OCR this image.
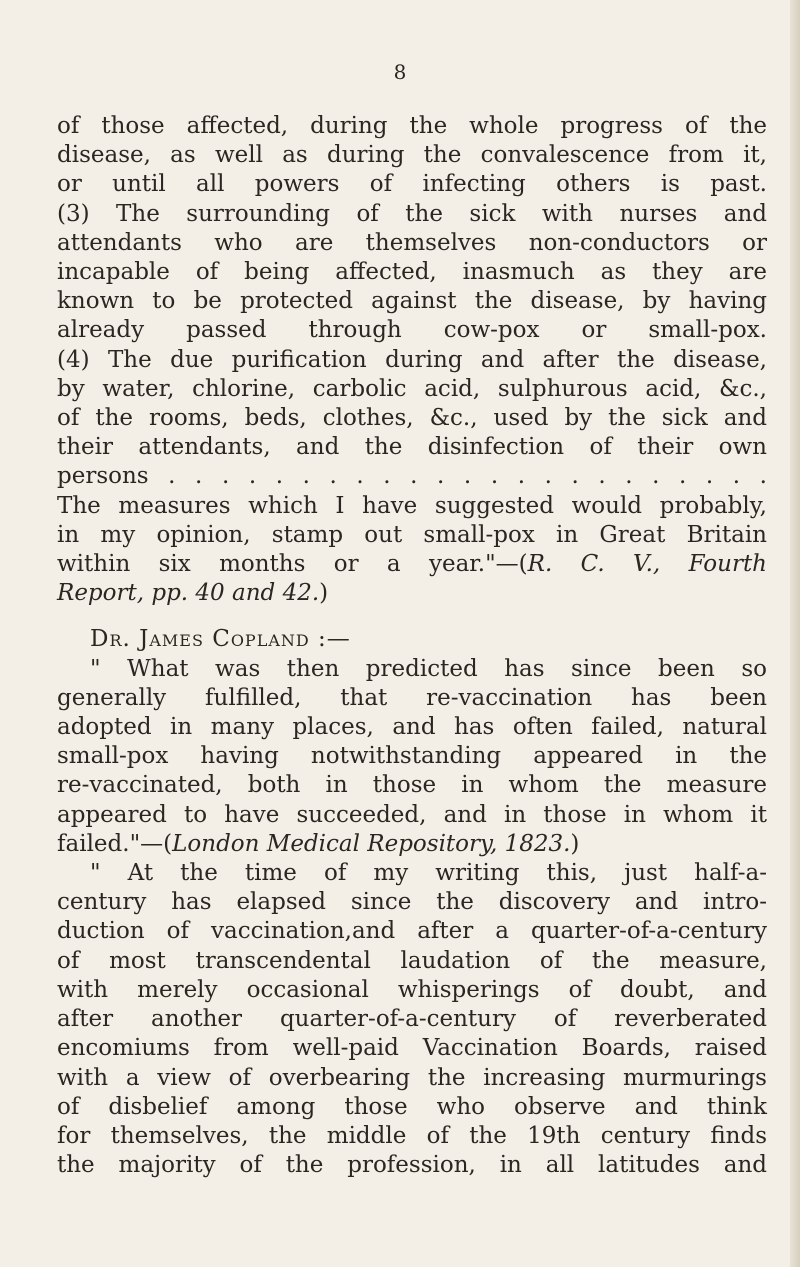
8
of those affected, during the whole progress of the
disease, as well as during the convalescence from it,
or until all powers of infecting others is past.
(3) The surrounding of the sick with nurses and
attendants who are themselves non-conductors or
incapable of being affected, inasmuch as they are
known to be protected against the disease, by having
already passed through cow-pox or small-pox.
(4) The due purification during and after the disease,
by water, chlorine, carbolic acid, sulphurous acid, &c.,
of the rooms, beds, clothes, &c., used by the sick and
their attendants, and the disinfection of their own
persons . . . . . . . . . . . . . . . . . . . . . . .
The measures which I have suggested would probably,
in my opinion, stamp out small-pox in Great Britain
within six months or a year."—(R. C. V., Fourth
Report, pp. 40 and 42.)
Dr. James Copland :—
" What was then predicted has since been so
generally fulfilled, that re-vaccination has been
adopted in many places, and has often failed, natural
small-pox having notwithstanding appeared in the
re-vaccinated, both in those in whom the measure
appeared to have succeeded, and in those in whom it
failed."—(London Medical Repository, 1823.)
" At the time of my writing this, just half-a-
century has elapsed since the discovery and intro-
duction of vaccination,and after a quarter-of-a-century
of most transcendental laudation of the measure,
with merely occasional whisperings of doubt, and
after another quarter-of-a-century of reverberated
encomiums from well-paid Vaccination Boards, raised
with a view of overbearing the increasing murmurings
of disbelief among those who observe and think
for themselves, the middle of the 19th century finds
the majority of the profession, in all latitudes and
